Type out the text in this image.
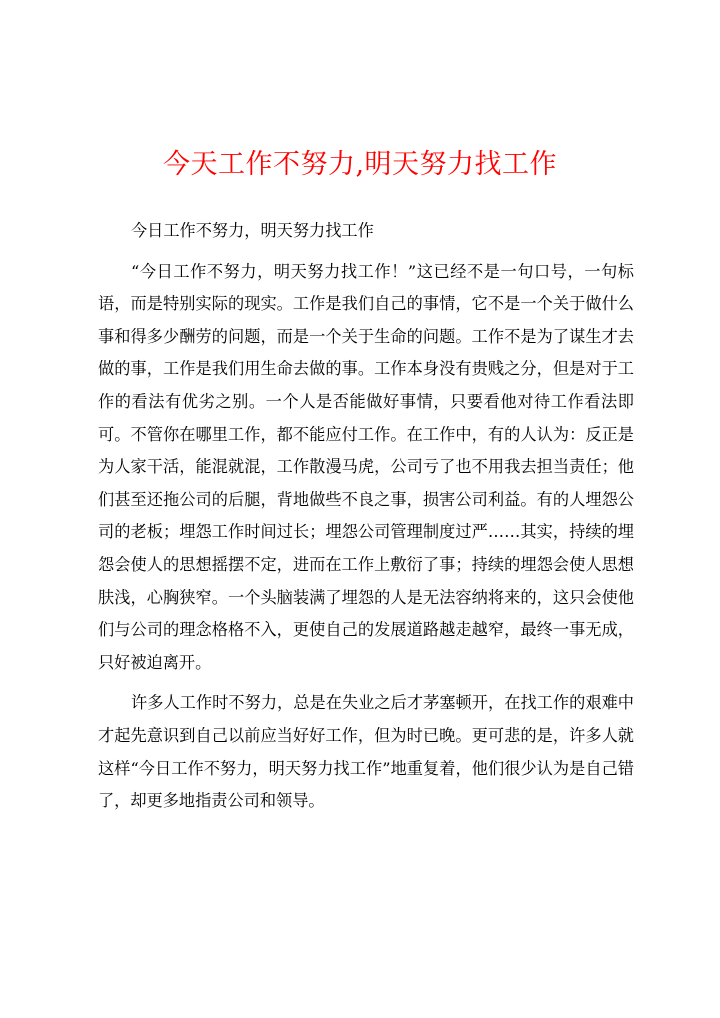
今天工作不努力,明天努力找工作

今日工作不努力，明天努力找工作

“今日工作不努力，明天努力找工作！”这已经不是一句口号，一句标语，而是特别实际的现实。工作是我们自己的事情，它不是一个关于做什么事和得多少酬劳的问题，而是一个关于生命的问题。工作不是为了谋生才去做的事，工作是我们用生命去做的事。工作本身没有贵贱之分，但是对于工作的看法有优劣之别。一个人是否能做好事情，只要看他对待工作看法即可。不管你在哪里工作，都不能应付工作。在工作中，有的人认为：反正是为人家干活，能混就混，工作散漫马虎，公司亏了也不用我去担当责任；他们甚至还拖公司的后腿，背地做些不良之事，损害公司利益。有的人埋怨公司的老板；埋怨工作时间过长；埋怨公司管理制度过严……其实，持续的埋怨会使人的思想摇摆不定，进而在工作上敷衍了事；持续的埋怨会使人思想肤浅，心胸狭窄。一个头脑装满了埋怨的人是无法容纳将来的，这只会使他们与公司的理念格格不入，更使自己的发展道路越走越窄，最终一事无成，只好被迫离开。

许多人工作时不努力，总是在失业之后才茅塞顿开，在找工作的艰难中才起先意识到自己以前应当好好工作，但为时已晚。更可悲的是，许多人就这样“今日工作不努力，明天努力找工作”地重复着，他们很少认为是自己错了，却更多地指责公司和领导。
